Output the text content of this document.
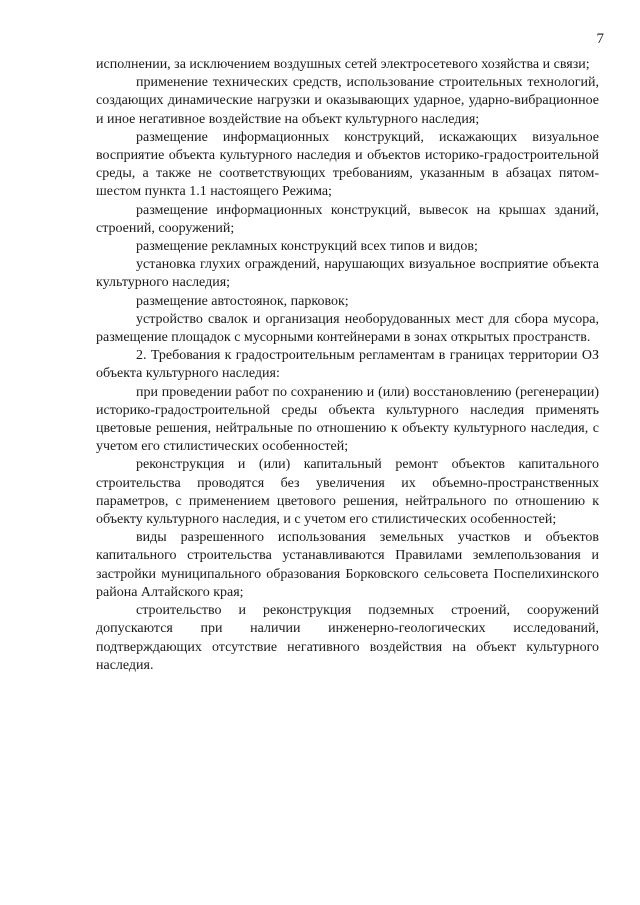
7

исполнении, за исключением воздушных сетей электросетевого хозяйства и связи;

применение технических средств, использование строительных технологий, создающих динамические нагрузки и оказывающих ударное, ударно-вибрационное и иное негативное воздействие на объект культурного наследия;

размещение информационных конструкций, искажающих визуальное восприятие объекта культурного наследия и объектов историко-градостроительной среды, а также не соответствующих требованиям, указанным в абзацах пятом-шестом пункта 1.1 настоящего Режима;

размещение информационных конструкций, вывесок на крышах зданий, строений, сооружений;

размещение рекламных конструкций всех типов и видов;

установка глухих ограждений, нарушающих визуальное восприятие объекта культурного наследия;

размещение автостоянок, парковок;

устройство свалок и организация необорудованных мест для сбора мусора, размещение площадок с мусорными контейнерами в зонах открытых пространств.

2. Требования к градостроительным регламентам в границах территории ОЗ объекта культурного наследия:

при проведении работ по сохранению и (или) восстановлению (регенерации) историко-градостроительной среды объекта культурного наследия применять цветовые решения, нейтральные по отношению к объекту культурного наследия, с учетом его стилистических особенностей;

реконструкция и (или) капитальный ремонт объектов капитального строительства проводятся без увеличения их объемно-пространственных параметров, с применением цветового решения, нейтрального по отношению к объекту культурного наследия, и с учетом его стилистических особенностей;

виды разрешенного использования земельных участков и объектов капитального строительства устанавливаются Правилами землепользования и застройки муниципального образования Борковского сельсовета Поспелихинского района Алтайского края;

строительство и реконструкция подземных строений, сооружений допускаются при наличии инженерно-геологических исследований, подтверждающих отсутствие негативного воздействия на объект культурного наследия.
